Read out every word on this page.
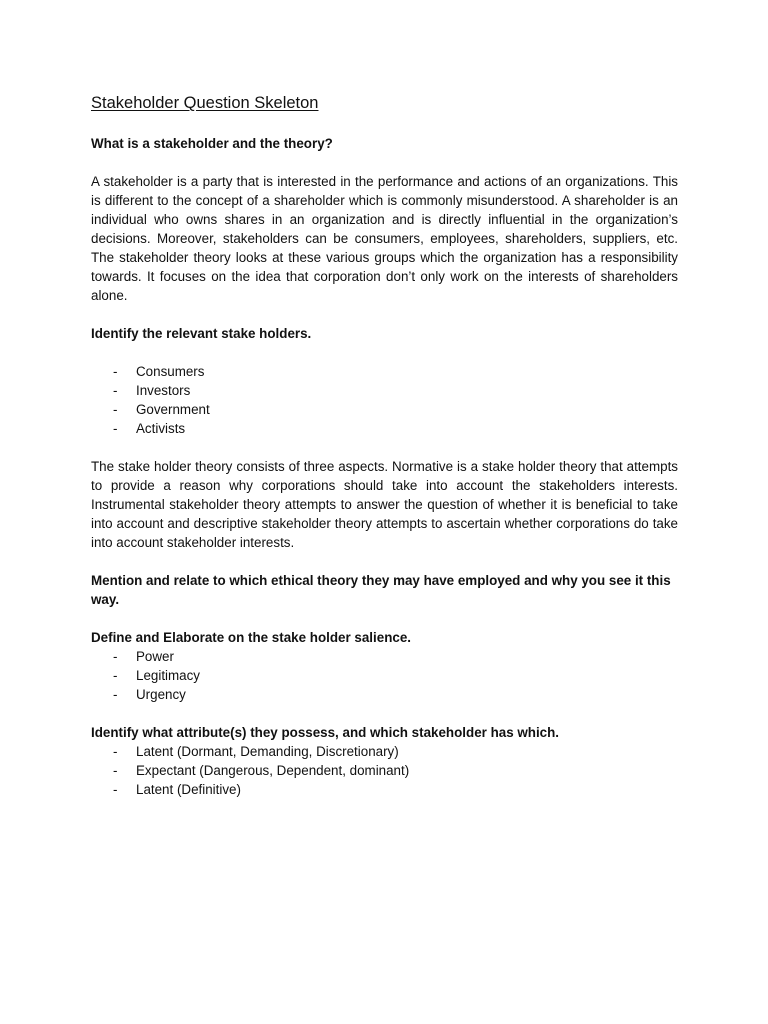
Stakeholder Question Skeleton

What is a stakeholder and the theory?

A stakeholder is a party that is interested in the performance and actions of an organizations. This is different to the concept of a shareholder which is commonly misunderstood. A shareholder is an individual who owns shares in an organization and is directly influential in the organization’s decisions. Moreover, stakeholders can be consumers, employees, shareholders, suppliers, etc. The stakeholder theory looks at these various groups which the organization has a responsibility towards. It focuses on the idea that corporation don’t only work on the interests of shareholders alone.

Identify the relevant stake holders.

- Consumers
- Investors
- Government
- Activists

The stake holder theory consists of three aspects. Normative is a stake holder theory that attempts to provide a reason why corporations should take into account the stakeholders interests. Instrumental stakeholder theory attempts to answer the question of whether it is beneficial to take into account and descriptive stakeholder theory attempts to ascertain whether corporations do take into account stakeholder interests.

Mention and relate to which ethical theory they may have employed and why you see it this way.

Define and Elaborate on the stake holder salience.

- Power
- Legitimacy
- Urgency

Identify what attribute(s) they possess, and which stakeholder has which.

- Latent (Dormant, Demanding, Discretionary)
- Expectant (Dangerous, Dependent, dominant)
- Latent (Definitive)
